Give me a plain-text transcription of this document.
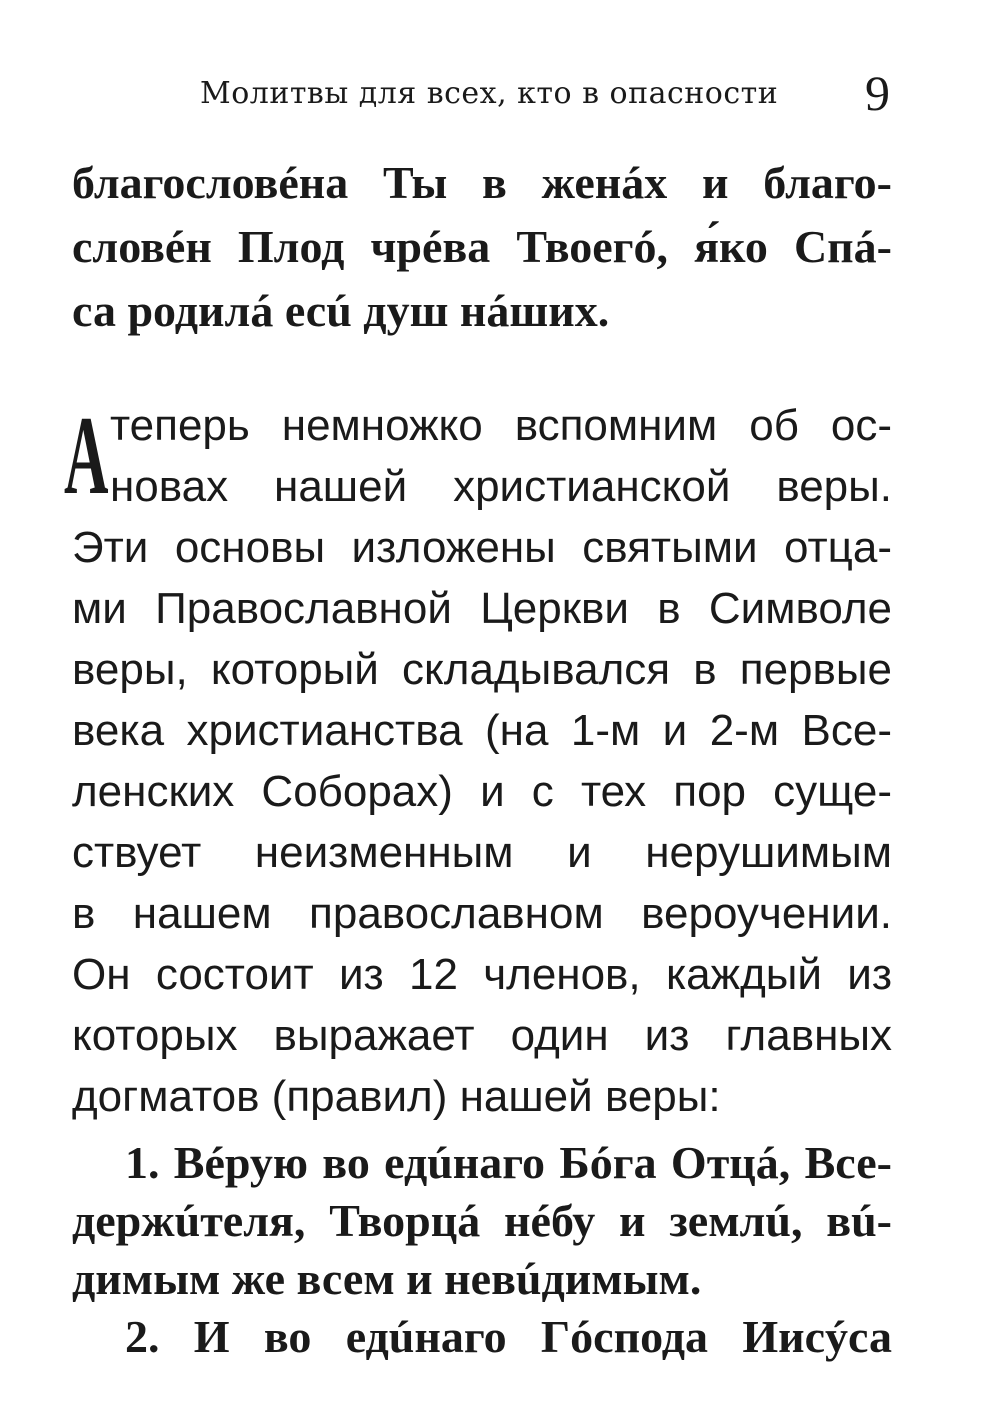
Молитвы для всех, кто в опасности 9
благословéна Ты в женáх и благо-
словéн Плод чрéва Твоегó, я́ко Спá-
са родилá есú душ нáших.
А теперь немножко вспомним об ос-
новах нашей христианской веры.
Эти основы изложены святыми отца-
ми Православной Церкви в Символе
веры, который складывался в первые
века христианства (на 1-м и 2-м Все-
ленских Соборах) и с тех пор суще-
ствует неизменным и нерушимым
в нашем православном вероучении.
Он состоит из 12 членов, каждый из
которых выражает один из главных
догматов (правил) нашей веры:
1. Вéрую во едúнаго Бóга Отцá, Все-
держúтеля, Творцá нéбу и землú, вú-
димым же всем и невúдимым.
2. И во едúнаго Гóспода Иисýса
